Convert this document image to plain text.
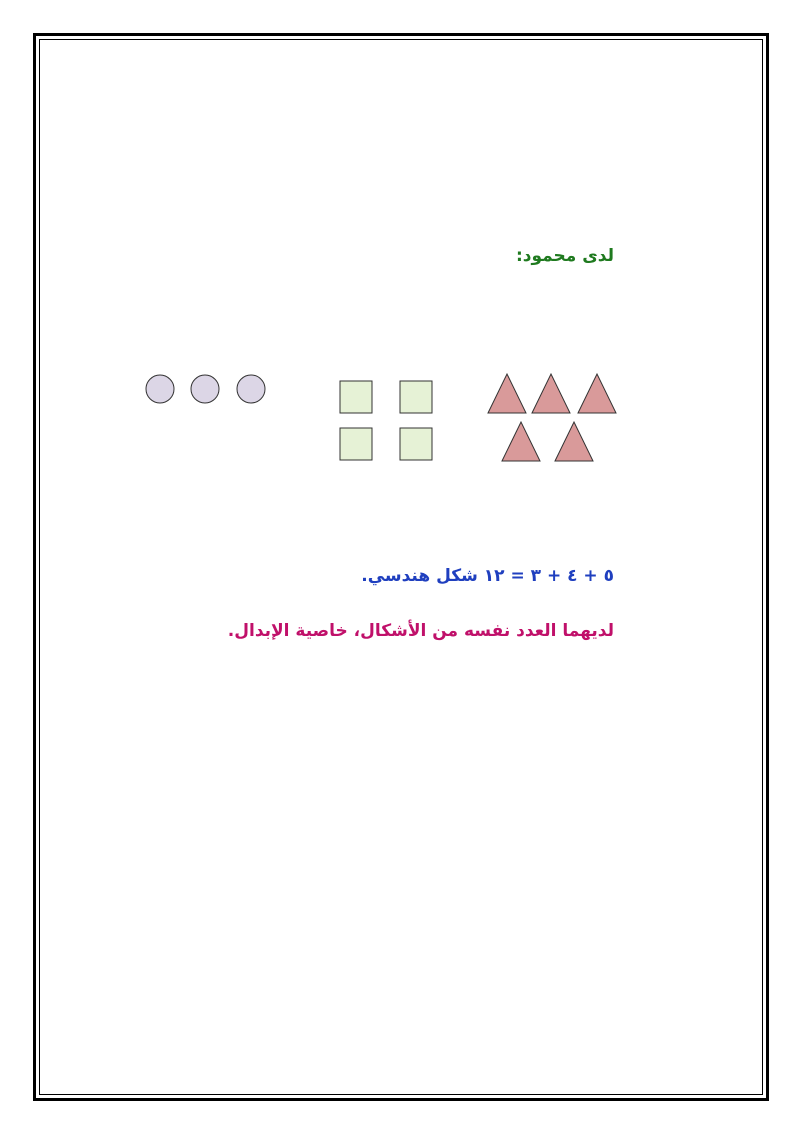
لدى محمود:
٥ + ٤ + ٣ = ١٢ شكل هندسي.
لديهما العدد نفسه من الأشكال، خاصية الإبدال.
